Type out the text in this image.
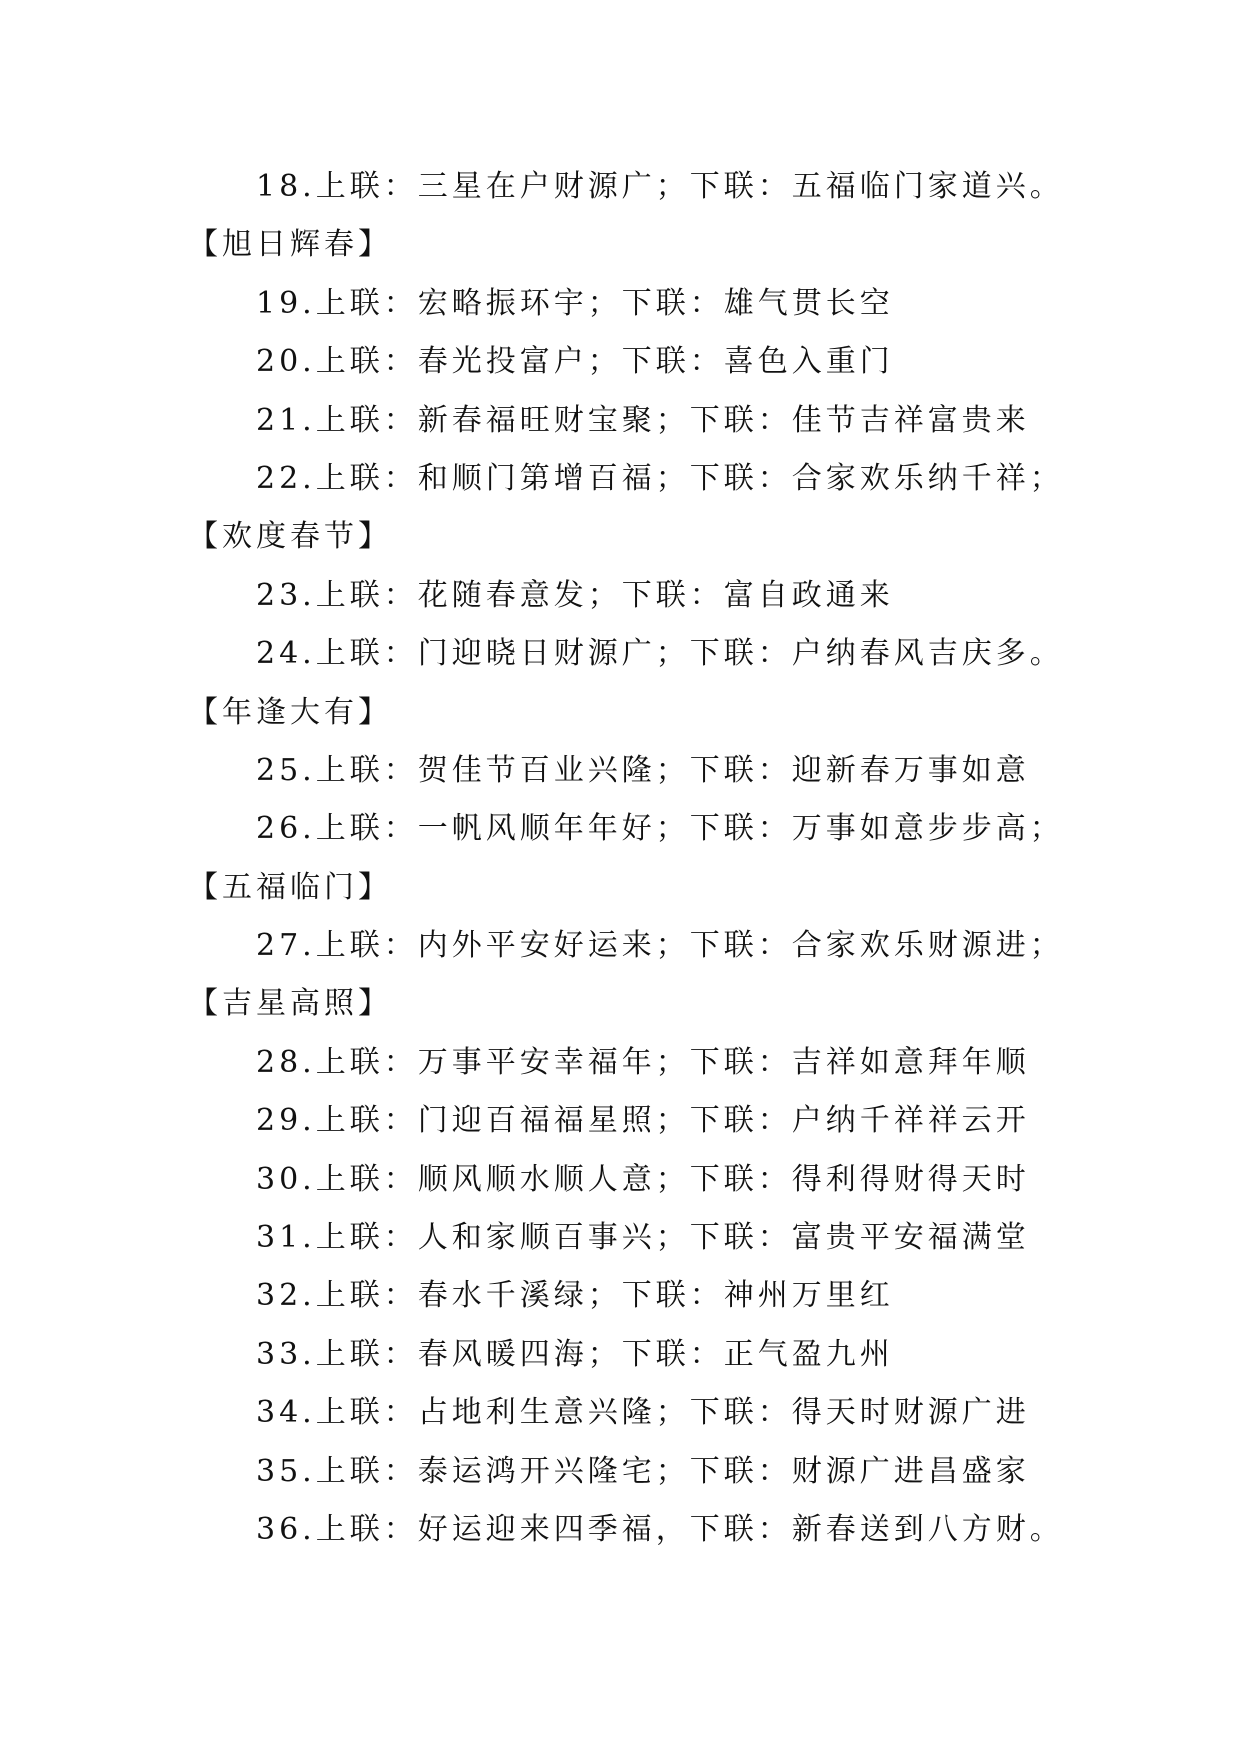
18.上联：三星在户财源广；下联：五福临门家道兴。
【旭日辉春】
19.上联：宏略振环宇；下联：雄气贯长空
20.上联：春光投富户；下联：喜色入重门
21.上联：新春福旺财宝聚；下联：佳节吉祥富贵来
22.上联：和顺门第增百福；下联：合家欢乐纳千祥；
【欢度春节】
23.上联：花随春意发；下联：富自政通来
24.上联：门迎晓日财源广；下联：户纳春风吉庆多。
【年逢大有】
25.上联：贺佳节百业兴隆；下联：迎新春万事如意
26.上联：一帆风顺年年好；下联：万事如意步步高；
【五福临门】
27.上联：内外平安好运来；下联：合家欢乐财源进；
【吉星高照】
28.上联：万事平安幸福年；下联：吉祥如意拜年顺
29.上联：门迎百福福星照；下联：户纳千祥祥云开
30.上联：顺风顺水顺人意；下联：得利得财得天时
31.上联：人和家顺百事兴；下联：富贵平安福满堂
32.上联：春水千溪绿；下联：神州万里红
33.上联：春风暖四海；下联：正气盈九州
34.上联：占地利生意兴隆；下联：得天时财源广进
35.上联：泰运鸿开兴隆宅；下联：财源广进昌盛家
36.上联：好运迎来四季福，下联：新春送到八方财。
